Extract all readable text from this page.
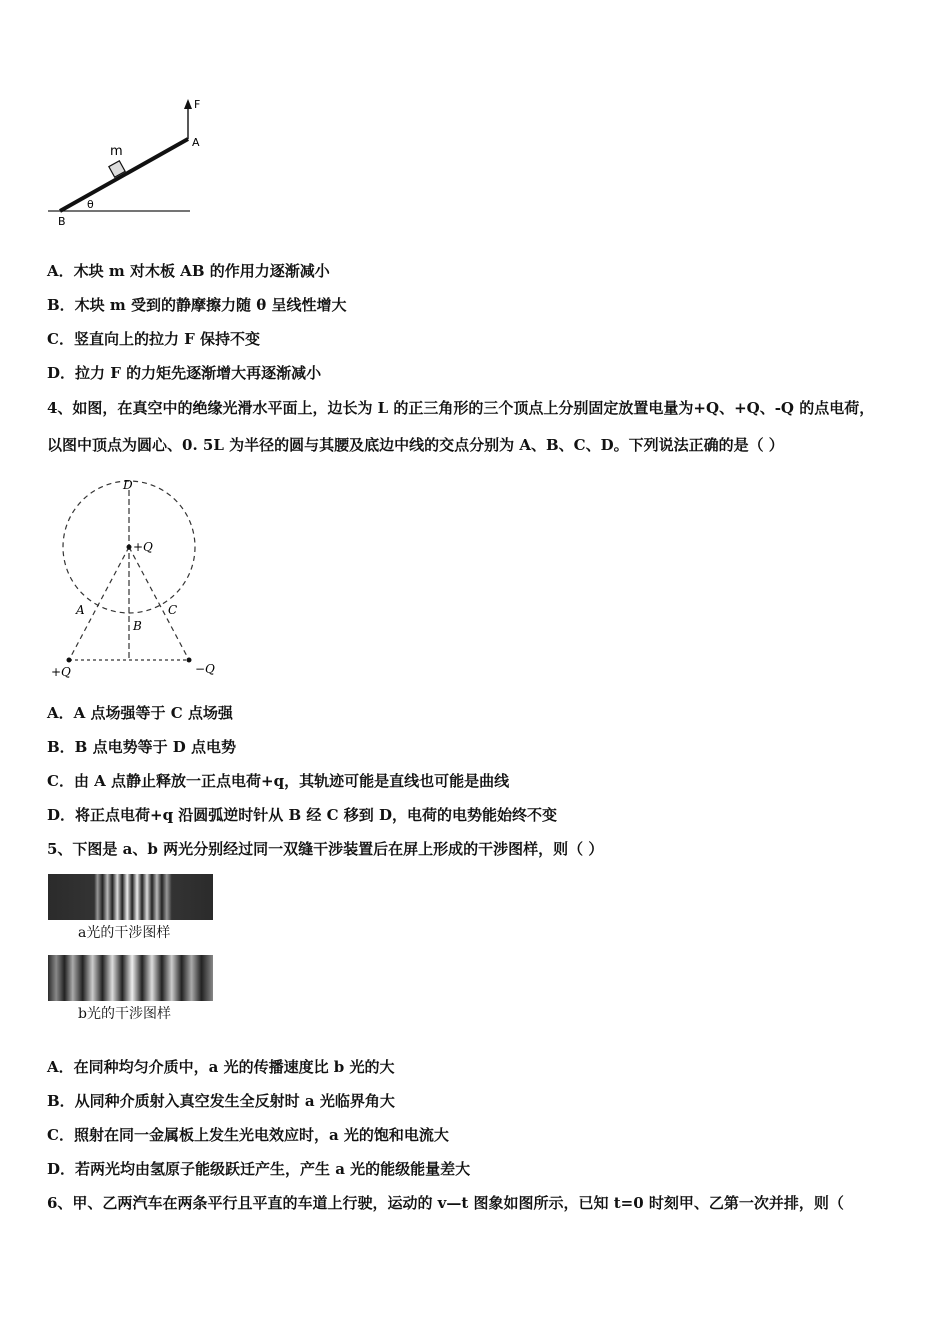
F
A
m
B
θ
A．木块 m 对木板 AB 的作用力逐渐减小
B．木块 m 受到的静摩擦力随 θ 呈线性增大
C．竖直向上的拉力 F 保持不变
D．拉力 F 的力矩先逐渐增大再逐渐减小
4、如图，在真空中的绝缘光滑水平面上，边长为 L 的正三角形的三个顶点上分别固定放置电量为+Q、+Q、-Q 的点电荷，
以图中顶点为圆心、0. 5L 为半径的圆与其腰及底边中线的交点分别为 A、B、C、D。下列说法正确的是（ ）
D
+Q
A	C
B
+Q	−Q
A．A 点场强等于 C 点场强
B．B 点电势等于 D 点电势
C．由 A 点静止释放一正点电荷+q，其轨迹可能是直线也可能是曲线
D．将正点电荷+q 沿圆弧逆时针从 B 经 C 移到 D，电荷的电势能始终不变
5、下图是 a、b 两光分别经过同一双缝干涉装置后在屏上形成的干涉图样，则（ ）
a光的干涉图样
b光的干涉图样
A．在同种均匀介质中，a 光的传播速度比 b 光的大
B．从同种介质射入真空发生全反射时 a 光临界角大
C．照射在同一金属板上发生光电效应时，a 光的饱和电流大
D．若两光均由氢原子能级跃迁产生，产生 a 光的能级能量差大
6、甲、乙两汽车在两条平行且平直的车道上行驶，运动的 v—t 图象如图所示，已知 t=0 时刻甲、乙第一次并排，则（
